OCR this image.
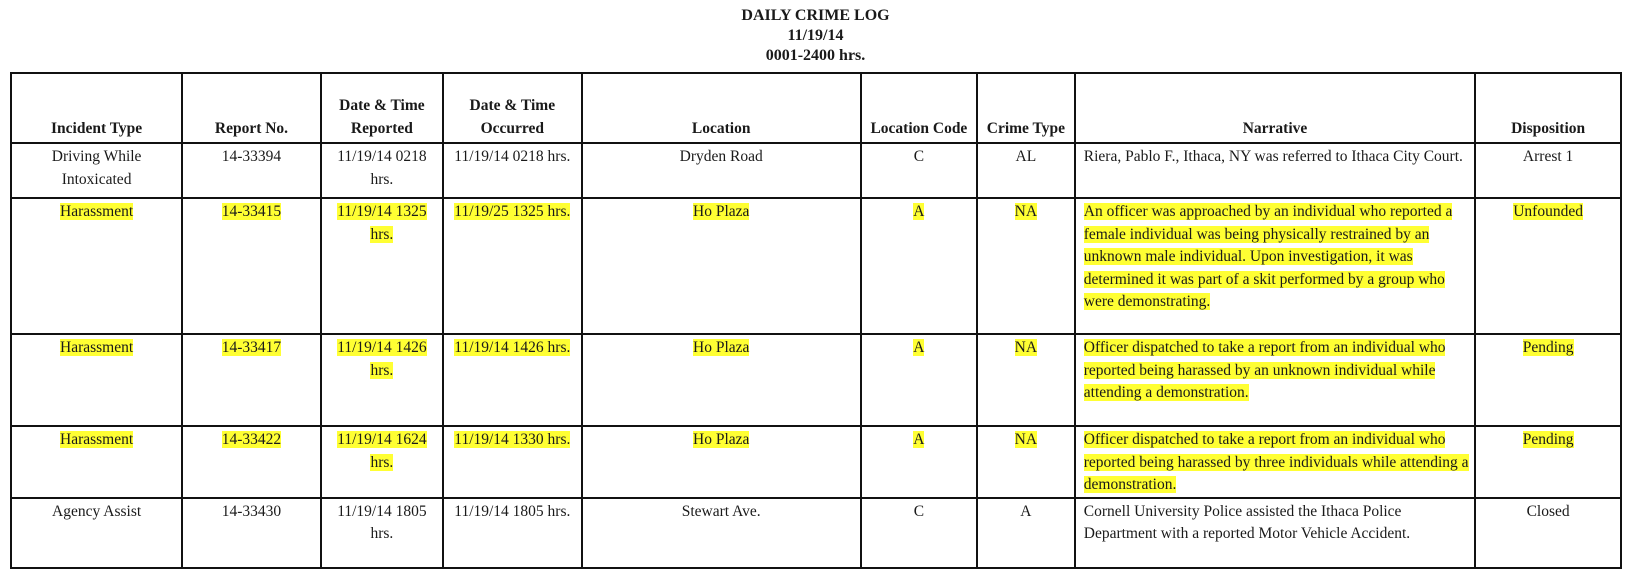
DAILY CRIME LOG
11/19/14
0001-2400 hrs.
Incident Type	Report No.	Date & Time Reported	Date & Time Occurred	Location	Location Code	Crime Type	Narrative	Disposition
Driving While Intoxicated	14-33394	11/19/14 0218 hrs.	11/19/14 0218 hrs.	Dryden Road	C	AL	Riera, Pablo F., Ithaca, NY was referred to Ithaca City Court.	Arrest 1
Harassment	14-33415	11/19/14 1325 hrs.	11/19/25 1325 hrs.	Ho Plaza	A	NA	An officer was approached by an individual who reported a female individual was being physically restrained by an unknown male individual. Upon investigation, it was determined it was part of a skit performed by a group who were demonstrating.	Unfounded
Harassment	14-33417	11/19/14 1426 hrs.	11/19/14 1426 hrs.	Ho Plaza	A	NA	Officer dispatched to take a report from an individual who reported being harassed by an unknown individual while attending a demonstration.	Pending
Harassment	14-33422	11/19/14 1624 hrs.	11/19/14 1330 hrs.	Ho Plaza	A	NA	Officer dispatched to take a report from an individual who reported being harassed by three individuals while attending a demonstration.	Pending
Agency Assist	14-33430	11/19/14 1805 hrs.	11/19/14 1805 hrs.	Stewart Ave.	C	A	Cornell University Police assisted the Ithaca Police Department with a reported Motor Vehicle Accident.	Closed
